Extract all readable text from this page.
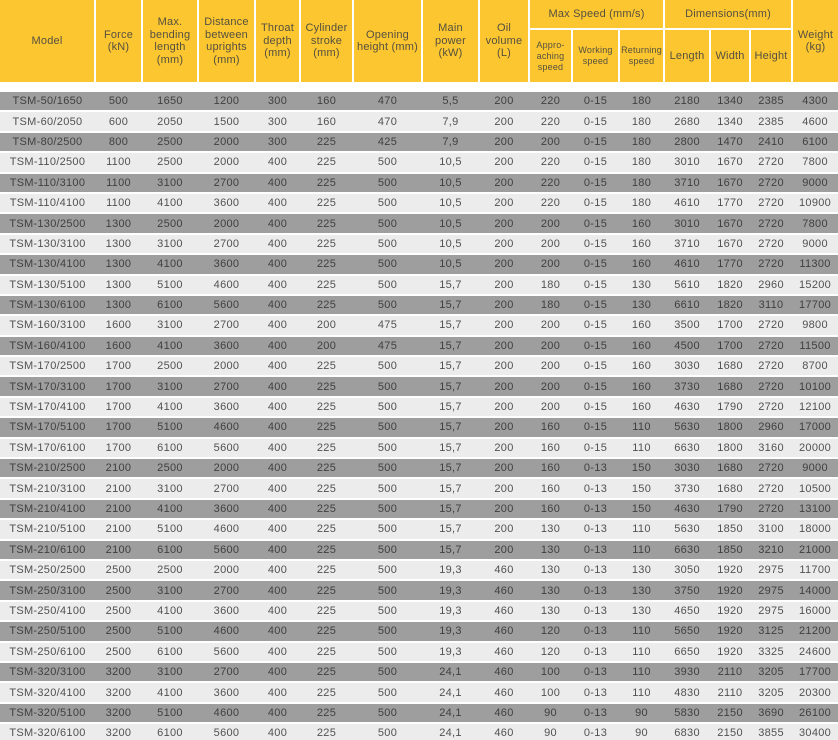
Model	Force (kN)	Max. bending length (mm)	Distance between uprights (mm)	Throat depth (mm)	Cylinder stroke (mm)	Opening height (mm)	Main power (kW)	Oil volume (L)	Max Speed (mm/s)			Dimensions(mm)			Weight (kg)
									Appro-aching speed	Working speed	Returning speed	Length	Width	Height	

TSM-50/1650	500	1650	1200	300	160	470	5,5	200	220	0-15	180	2180	1340	2385	4300
TSM-60/2050	600	2050	1500	300	160	470	7,9	200	220	0-15	180	2680	1340	2385	4600
TSM-80/2500	800	2500	2000	300	225	425	7,9	200	200	0-15	180	2800	1470	2410	6100
TSM-110/2500	1100	2500	2000	400	225	500	10,5	200	220	0-15	180	3010	1670	2720	7800
TSM-110/3100	1100	3100	2700	400	225	500	10,5	200	220	0-15	180	3710	1670	2720	9000
TSM-110/4100	1100	4100	3600	400	225	500	10,5	200	220	0-15	180	4610	1770	2720	10900
TSM-130/2500	1300	2500	2000	400	225	500	10,5	200	200	0-15	160	3010	1670	2720	7800
TSM-130/3100	1300	3100	2700	400	225	500	10,5	200	200	0-15	160	3710	1670	2720	9000
TSM-130/4100	1300	4100	3600	400	225	500	10,5	200	200	0-15	160	4610	1770	2720	11300
TSM-130/5100	1300	5100	4600	400	225	500	15,7	200	180	0-15	130	5610	1820	2960	15200
TSM-130/6100	1300	6100	5600	400	225	500	15,7	200	180	0-15	130	6610	1820	3110	17700
TSM-160/3100	1600	3100	2700	400	200	475	15,7	200	200	0-15	160	3500	1700	2720	9800
TSM-160/4100	1600	4100	3600	400	200	475	15,7	200	200	0-15	160	4500	1700	2720	11500
TSM-170/2500	1700	2500	2000	400	225	500	15,7	200	200	0-15	160	3030	1680	2720	8700
TSM-170/3100	1700	3100	2700	400	225	500	15,7	200	200	0-15	160	3730	1680	2720	10100
TSM-170/4100	1700	4100	3600	400	225	500	15,7	200	200	0-15	160	4630	1790	2720	12100
TSM-170/5100	1700	5100	4600	400	225	500	15,7	200	160	0-15	110	5630	1800	2960	17000
TSM-170/6100	1700	6100	5600	400	225	500	15,7	200	160	0-15	110	6630	1800	3160	20000
TSM-210/2500	2100	2500	2000	400	225	500	15,7	200	160	0-13	150	3030	1680	2720	9000
TSM-210/3100	2100	3100	2700	400	225	500	15,7	200	160	0-13	150	3730	1680	2720	10500
TSM-210/4100	2100	4100	3600	400	225	500	15,7	200	160	0-13	150	4630	1790	2720	13100
TSM-210/5100	2100	5100	4600	400	225	500	15,7	200	130	0-13	110	5630	1850	3100	18000
TSM-210/6100	2100	6100	5600	400	225	500	15,7	200	130	0-13	110	6630	1850	3210	21000
TSM-250/2500	2500	2500	2000	400	225	500	19,3	460	130	0-13	130	3050	1920	2975	11700
TSM-250/3100	2500	3100	2700	400	225	500	19,3	460	130	0-13	130	3750	1920	2975	14000
TSM-250/4100	2500	4100	3600	400	225	500	19,3	460	130	0-13	130	4650	1920	2975	16000
TSM-250/5100	2500	5100	4600	400	225	500	19,3	460	120	0-13	110	5650	1920	3125	21200
TSM-250/6100	2500	6100	5600	400	225	500	19,3	460	120	0-13	110	6650	1920	3325	24600
TSM-320/3100	3200	3100	2700	400	225	500	24,1	460	100	0-13	110	3930	2110	3205	17700
TSM-320/4100	3200	4100	3600	400	225	500	24,1	460	100	0-13	110	4830	2110	3205	20300
TSM-320/5100	3200	5100	4600	400	225	500	24,1	460	90	0-13	90	5830	2150	3690	26100
TSM-320/6100	3200	6100	5600	400	225	500	24,1	460	90	0-13	90	6830	2150	3855	30400
